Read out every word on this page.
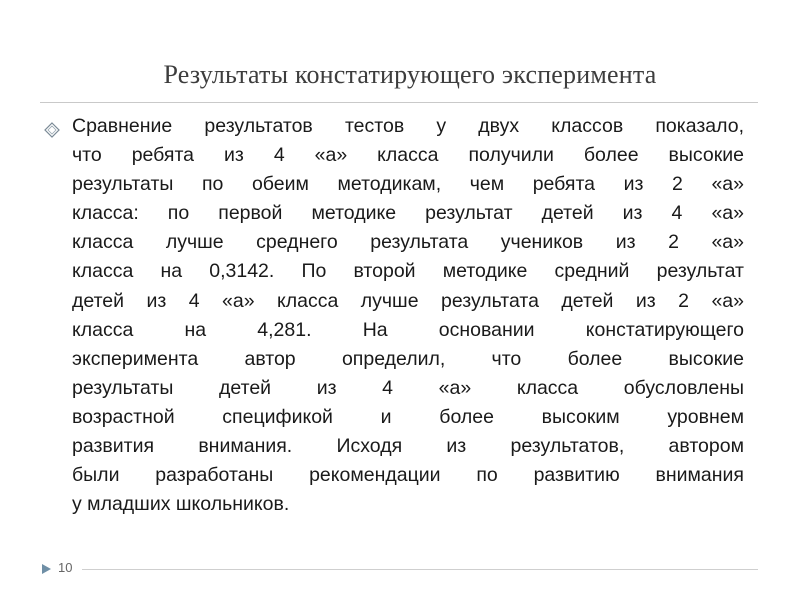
Результаты констатирующего эксперимента
Сравнение результатов тестов у двух классов показало,
что ребята из 4 «а» класса получили более высокие
результаты по обеим методикам, чем ребята из 2 «а»
класса: по первой методике результат детей из 4 «а»
класса лучше среднего результата учеников из 2 «а»
класса на 0,3142. По второй методике средний результат
детей из 4 «а» класса лучше результата детей из 2 «а»
класса на 4,281. На основании констатирующего
эксперимента автор определил, что более высокие
результаты детей из 4 «а» класса обусловлены
возрастной спецификой и более высоким уровнем
развития внимания. Исходя из результатов, автором
были разработаны рекомендации по развитию внимания
у младших школьников.
10
